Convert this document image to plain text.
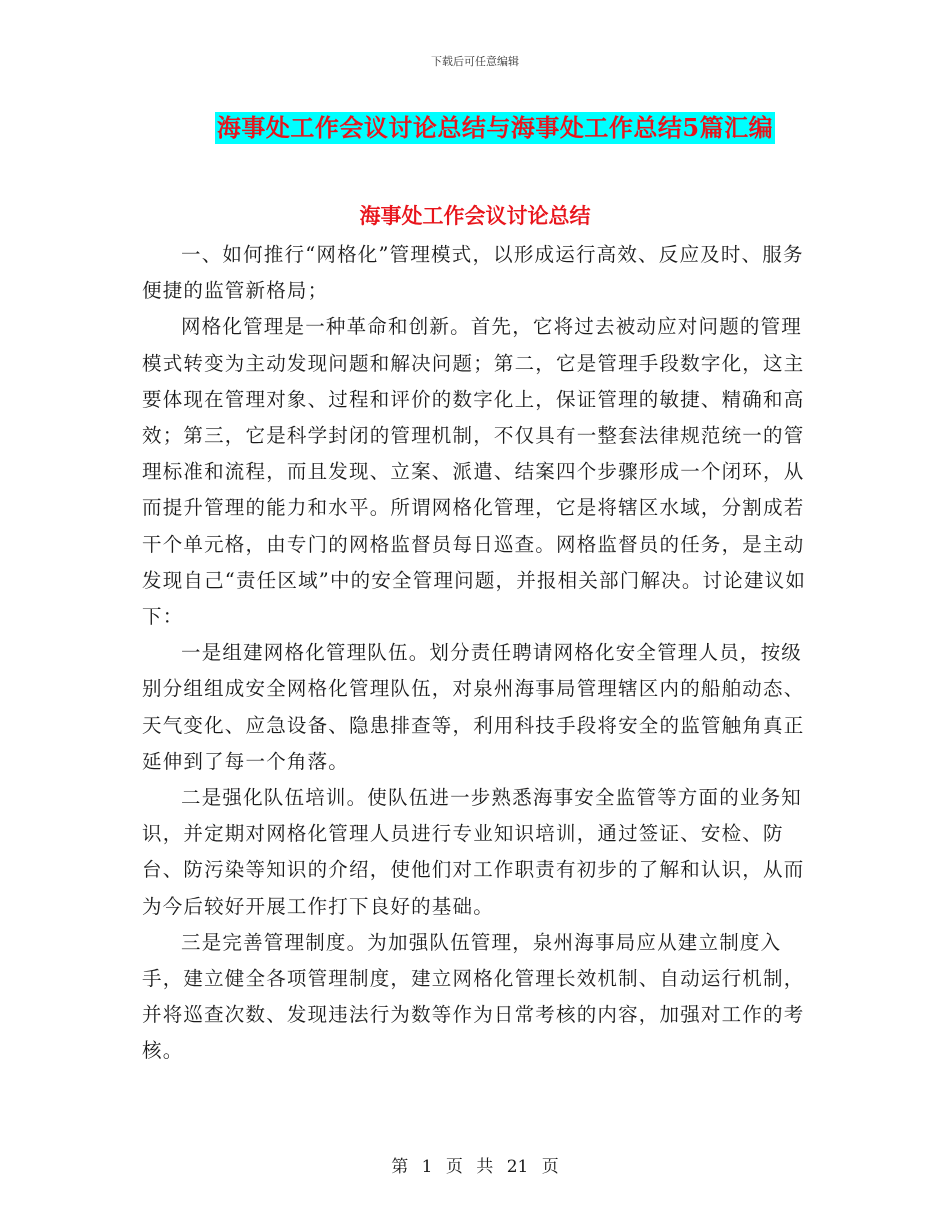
下载后可任意编辑
海事处工作会议讨论总结与海事处工作总结5篇汇编
海事处工作会议讨论总结

一、如何推行“网格化”管理模式，以形成运行高效、反应及时、服务便捷的监管新格局；

网格化管理是一种革命和创新。首先，它将过去被动应对问题的管理模式转变为主动发现问题和解决问题；第二，它是管理手段数字化，这主要体现在管理对象、过程和评价的数字化上，保证管理的敏捷、精确和高效；第三，它是科学封闭的管理机制，不仅具有一整套法律规范统一的管理标准和流程，而且发现、立案、派遣、结案四个步骤形成一个闭环，从而提升管理的能力和水平。所谓网格化管理，它是将辖区水域，分割成若干个单元格，由专门的网格监督员每日巡查。网格监督员的任务，是主动发现自己“责任区域”中的安全管理问题，并报相关部门解决。讨论建议如下：

一是组建网格化管理队伍。划分责任聘请网格化安全管理人员，按级别分组组成安全网格化管理队伍，对泉州海事局管理辖区内的船舶动态、天气变化、应急设备、隐患排查等，利用科技手段将安全的监管触角真正延伸到了每一个角落。

二是强化队伍培训。使队伍进一步熟悉海事安全监管等方面的业务知识，并定期对网格化管理人员进行专业知识培训，通过签证、安检、防台、防污染等知识的介绍，使他们对工作职责有初步的了解和认识，从而为今后较好开展工作打下良好的基础。

三是完善管理制度。为加强队伍管理，泉州海事局应从建立制度入手，建立健全各项管理制度，建立网格化管理长效机制、自动运行机制，并将巡查次数、发现违法行为数等作为日常考核的内容，加强对工作的考核。

第 1 页 共 21 页
